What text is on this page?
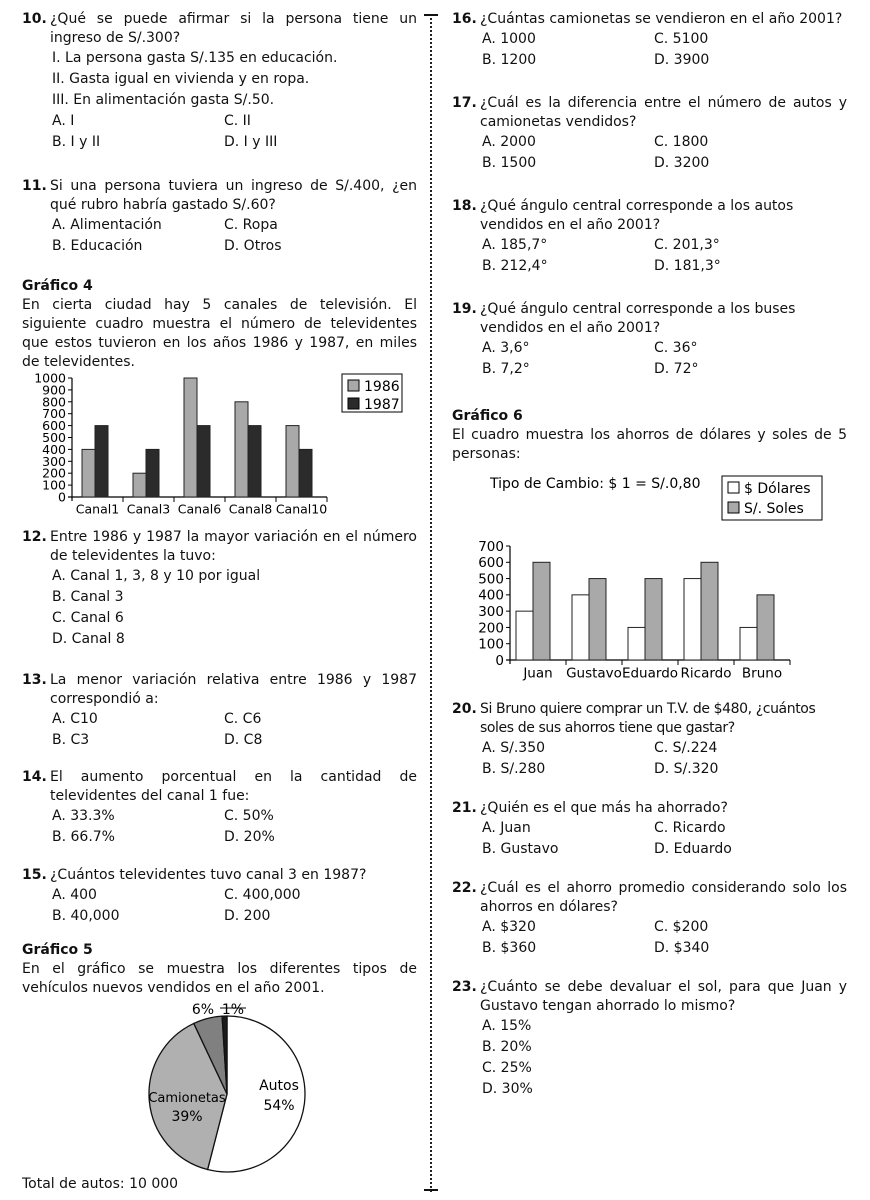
10. ¿Qué se puede afirmar si la persona tiene un ingreso de S/.300?
I. La persona gasta S/.135 en educación.
II. Gasta igual en vivienda y en ropa.
III. En alimentación gasta S/.50.
A. I	C. II
B. I y II	D. I y III
11. Si una persona tuviera un ingreso de S/.400, ¿en qué rubro habría gastado S/.60?
A. Alimentación	C. Ropa
B. Educación	D. Otros
Gráfico 4

En cierta ciudad hay 5 canales de televisión. El siguiente cuadro muestra el número de televidentes que estos tuvieron en los años 1986 y 1987, en miles de televidentes.

0
100
200
300
400
500
600
700
800
900
1000
Canal1 Canal3 Canal6 Canal8 Canal10
1986
1987
12. Entre 1986 y 1987 la mayor variación en el número de televidentes la tuvo:
A. Canal 1, 3, 8 y 10 por igual
B. Canal 3
C. Canal 6
D. Canal 8
13. La menor variación relativa entre 1986 y 1987 correspondió a:
A. C10	C. C6
B. C3	D. C8
14. El aumento porcentual en la cantidad de televidentes del canal 1 fue:
A. 33.3%	C. 50%
B. 66.7%	D. 20%
15. ¿Cuántos televidentes tuvo canal 3 en 1987?
A. 400	C. 400,000
B. 40,000	D. 200
Gráfico 5

En el gráfico se muestra los diferentes tipos de vehículos nuevos vendidos en el año 2001.

Autos
54%
Camionetas
39%
6% 1%
Total de autos: 10 000
16. ¿Cuántas camionetas se vendieron en el año 2001?
A. 1000	C. 5100
B. 1200	D. 3900
17. ¿Cuál es la diferencia entre el número de autos y camionetas vendidos?
A. 2000	C. 1800
B. 1500	D. 3200
18. ¿Qué ángulo central corresponde a los autos vendidos en el año 2001?
A. 185,7°	C. 201,3°
B. 212,4°	D. 181,3°
19. ¿Qué ángulo central corresponde a los buses vendidos en el año 2001?
A. 3,6°	C. 36°
B. 7,2°	D. 72°
Gráfico 6

El cuadro muestra los ahorros de dólares y soles de 5 personas:

Tipo de Cambio: $ 1 = S/.0,80
0
100
200
300
400
500
600
700
Juan Gustavo Eduardo Ricardo Bruno
$ Dólares
S/. Soles
20. Si Bruno quiere comprar un T.V. de $480, ¿cuántos soles de sus ahorros tiene que gastar?
A. S/.350	C. S/.224
B. S/.280	D. S/.320
21. ¿Quién es el que más ha ahorrado?
A. Juan	C. Ricardo
B. Gustavo	D. Eduardo
22. ¿Cuál es el ahorro promedio considerando solo los ahorros en dólares?
A. $320	C. $200
B. $360	D. $340
23. ¿Cuánto se debe devaluar el sol, para que Juan y Gustavo tengan ahorrado lo mismo?
A. 15%
B. 20%
C. 25%
D. 30%
